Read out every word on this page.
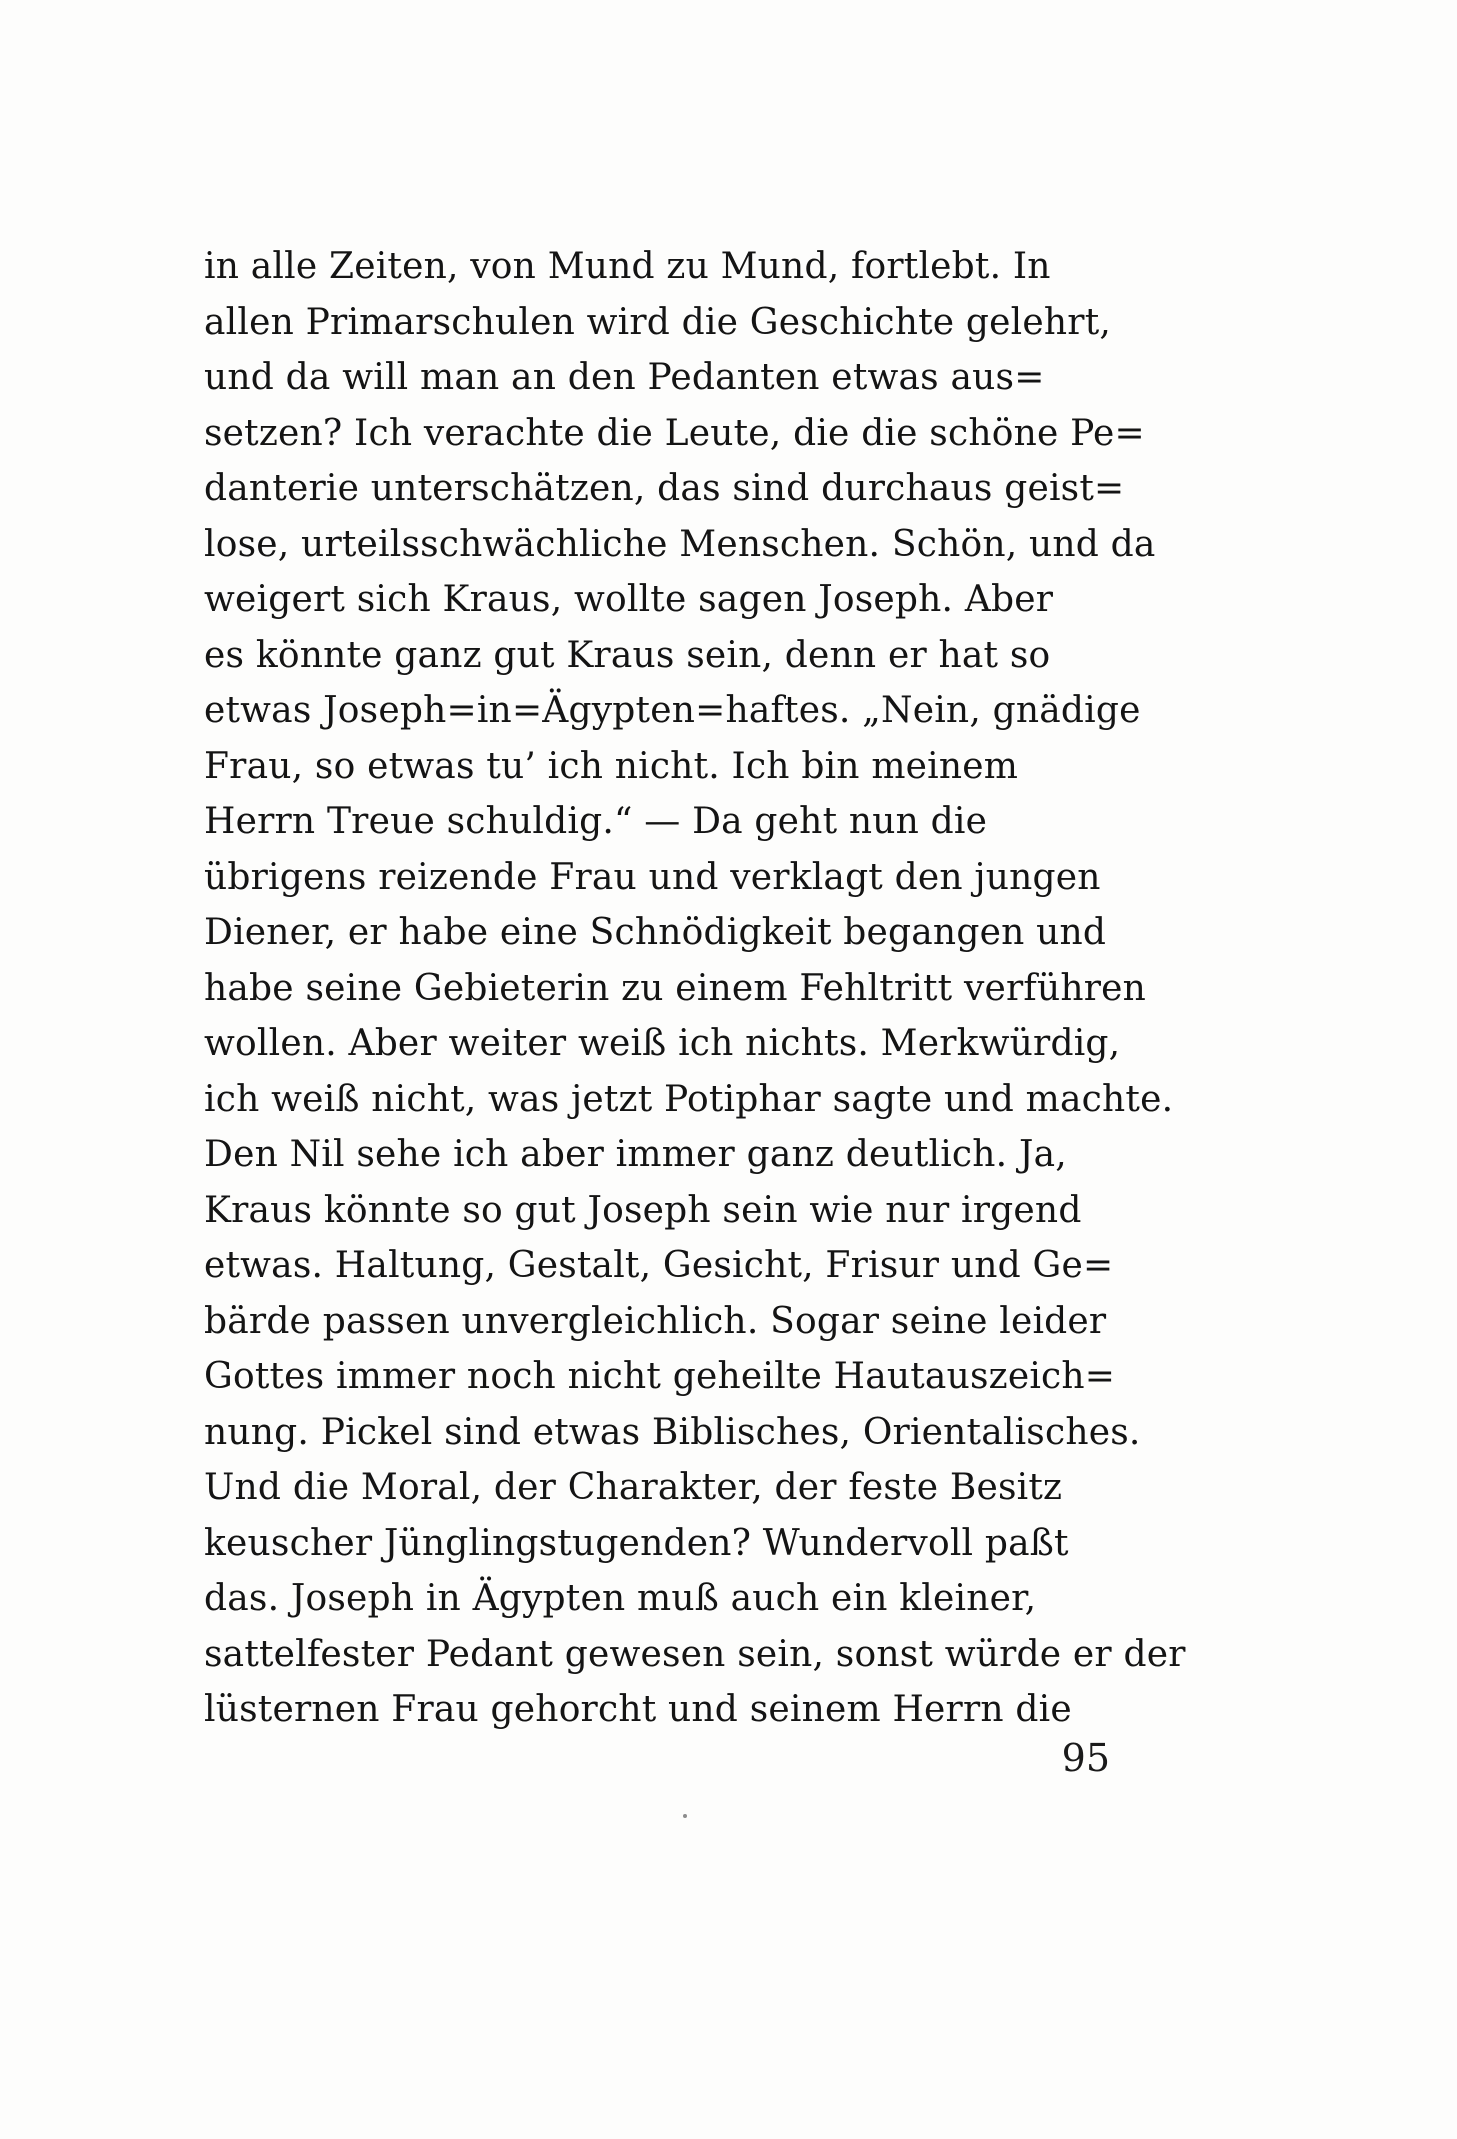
in alle Zeiten, von Mund zu Mund, fortlebt. In
allen Primarschulen wird die Geschichte gelehrt,
und da will man an den Pedanten etwas aus=
setzen? Ich verachte die Leute, die die schöne Pe=
danterie unterschätzen, das sind durchaus geist=
lose, urteilsschwächliche Menschen. Schön, und da
weigert sich Kraus, wollte sagen Joseph. Aber
es könnte ganz gut Kraus sein, denn er hat so
etwas Joseph=in=Ägypten=haftes. „Nein, gnädige
Frau, so etwas tu’ ich nicht. Ich bin meinem
Herrn Treue schuldig.“ — Da geht nun die
übrigens reizende Frau und verklagt den jungen
Diener, er habe eine Schnödigkeit begangen und
habe seine Gebieterin zu einem Fehltritt verführen
wollen. Aber weiter weiß ich nichts. Merkwürdig,
ich weiß nicht, was jetzt Potiphar sagte und machte.
Den Nil sehe ich aber immer ganz deutlich. Ja,
Kraus könnte so gut Joseph sein wie nur irgend
etwas. Haltung, Gestalt, Gesicht, Frisur und Ge=
bärde passen unvergleichlich. Sogar seine leider
Gottes immer noch nicht geheilte Hautauszeich=
nung. Pickel sind etwas Biblisches, Orientalisches.
Und die Moral, der Charakter, der feste Besitz
keuscher Jünglingstugenden? Wundervoll paßt
das. Joseph in Ägypten muß auch ein kleiner,
sattelfester Pedant gewesen sein, sonst würde er der
lüsternen Frau gehorcht und seinem Herrn die
95
